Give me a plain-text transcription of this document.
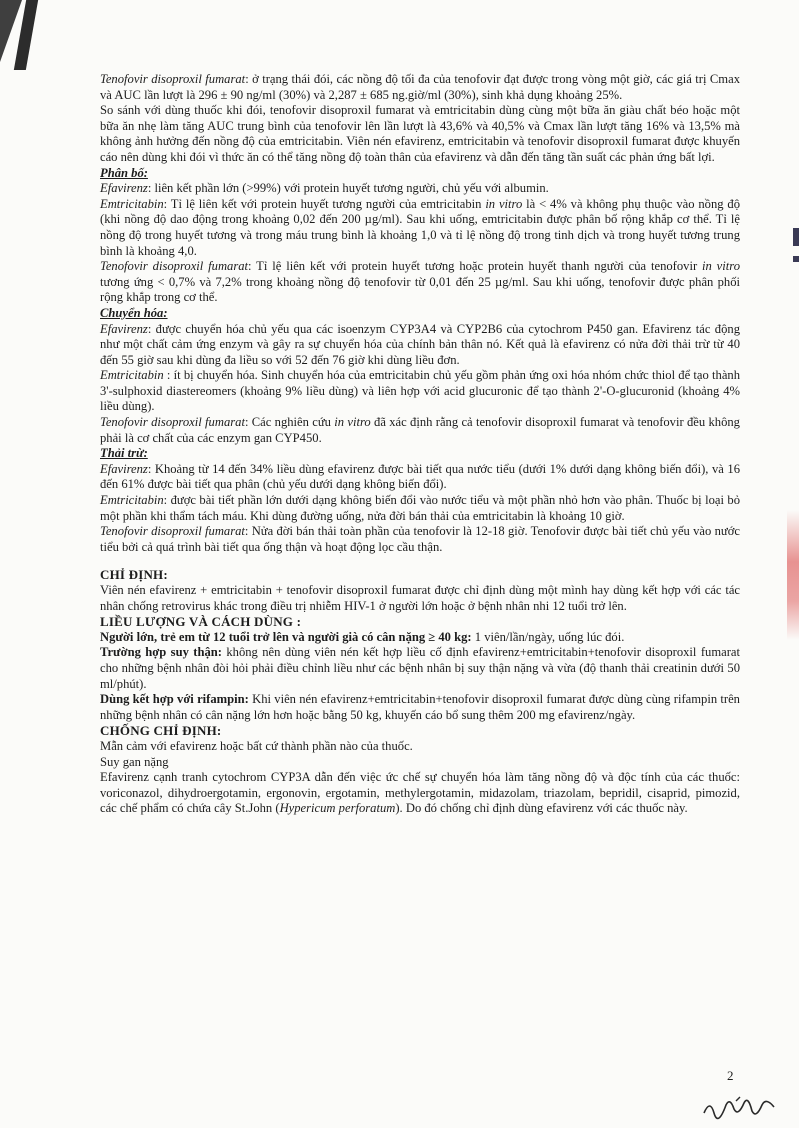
Tenofovir disoproxil fumarat: ở trạng thái đói, các nồng độ tối đa của tenofovir đạt được trong vòng một giờ, các giá trị Cmax và AUC lần lượt là 296 ± 90 ng/ml (30%) và 2,287 ± 685 ng.giờ/ml (30%), sinh khả dụng khoảng 25%.

So sánh với dùng thuốc khi đói, tenofovir disoproxil fumarat và emtricitabin dùng cùng một bữa ăn giàu chất béo hoặc một bữa ăn nhẹ làm tăng AUC trung bình của tenofovir lên lần lượt là 43,6% và 40,5% và Cmax lần lượt tăng 16% và 13,5% mà không ảnh hưởng đến nồng độ của emtricitabin. Viên nén efavirenz, emtricitabin và tenofovir disoproxil fumarat được khuyến cáo nên dùng khi đói vì thức ăn có thể tăng nồng độ toàn thân của efavirenz và dẫn đến tăng tần suất các phản ứng bất lợi.

Phân bố:

Efavirenz: liên kết phần lớn (>99%) với protein huyết tương người, chủ yếu với albumin.

Emtricitabin: Tỉ lệ liên kết với protein huyết tương người của emtricitabin in vitro là < 4% và không phụ thuộc vào nồng độ (khi nồng độ dao động trong khoảng 0,02 đến 200 µg/ml). Sau khi uống, emtricitabin được phân bố rộng khắp cơ thể. Tỉ lệ nồng độ trong huyết tương và trong máu trung bình là khoảng 1,0 và tỉ lệ nồng độ trong tinh dịch và trong huyết tương trung bình là khoảng 4,0.

Tenofovir disoproxil fumarat: Tỉ lệ liên kết với protein huyết tương hoặc protein huyết thanh người của tenofovir in vitro tương ứng < 0,7% và 7,2% trong khoảng nồng độ tenofovir từ 0,01 đến 25 µg/ml. Sau khi uống, tenofovir được phân phối rộng khắp trong cơ thể.

Chuyển hóa:

Efavirenz: được chuyển hóa chủ yếu qua các isoenzym CYP3A4 và CYP2B6 của cytochrom P450 gan. Efavirenz tác động như một chất cảm ứng enzym và gây ra sự chuyển hóa của chính bản thân nó. Kết quả là efavirenz có nửa đời thải trừ từ 40 đến 55 giờ sau khi dùng đa liều so với 52 đến 76 giờ khi dùng liều đơn.

Emtricitabin : ít bị chuyển hóa. Sinh chuyển hóa của emtricitabin chủ yếu gồm phản ứng oxi hóa nhóm chức thiol để tạo thành 3'-sulphoxid diastereomers (khoảng 9% liều dùng) và liên hợp với acid glucuronic để tạo thành 2'-O-glucuronid (khoảng 4% liều dùng).

Tenofovir disoproxil fumarat: Các nghiên cứu in vitro đã xác định rằng cả tenofovir disoproxil fumarat và tenofovir đều không phải là cơ chất của các enzym gan CYP450.

Thải trừ:

Efavirenz: Khoảng từ 14 đến 34% liều dùng efavirenz được bài tiết qua nước tiểu (dưới 1% dưới dạng không biến đổi), và 16 đến 61% được bài tiết qua phân (chủ yếu dưới dạng không biến đổi).

Emtricitabin: được bài tiết phần lớn dưới dạng không biến đổi vào nước tiểu và một phần nhỏ hơn vào phân. Thuốc bị loại bỏ một phần khi thẩm tách máu. Khi dùng đường uống, nửa đời bán thải của emtricitabin là khoảng 10 giờ.

Tenofovir disoproxil fumarat: Nửa đời bán thải toàn phần của tenofovir là 12-18 giờ. Tenofovir được bài tiết chủ yếu vào nước tiểu bởi cả quá trình bài tiết qua ống thận và hoạt động lọc cầu thận.

CHỈ ĐỊNH:

Viên nén efavirenz + emtricitabin + tenofovir disoproxil fumarat được chỉ định dùng một mình hay dùng kết hợp với các tác nhân chống retrovirus khác trong điều trị nhiễm HIV-1 ở người lớn hoặc ở bệnh nhân nhi 12 tuổi trở lên.

LIỀU LƯỢNG VÀ CÁCH DÙNG :

Người lớn, trẻ em từ 12 tuổi trở lên và người già có cân nặng ≥ 40 kg: 1 viên/lần/ngày, uống lúc đói.

Trường hợp suy thận: không nên dùng viên nén kết hợp liều cố định efavirenz+emtricitabin+tenofovir disoproxil fumarat cho những bệnh nhân đòi hỏi phải điều chỉnh liều như các bệnh nhân bị suy thận nặng và vừa (độ thanh thải creatinin dưới 50 ml/phút).

Dùng kết hợp với rifampin: Khi viên nén efavirenz+emtricitabin+tenofovir disoproxil fumarat được dùng cùng rifampin trên những bệnh nhân có cân nặng lớn hơn hoặc bằng 50 kg, khuyến cáo bổ sung thêm 200 mg efavirenz/ngày.

CHỐNG CHỈ ĐỊNH:

Mẫn cảm với efavirenz hoặc bất cứ thành phần nào của thuốc.

Suy gan nặng

Efavirenz cạnh tranh cytochrom CYP3A dẫn đến việc ức chế sự chuyển hóa làm tăng nồng độ và độc tính của các thuốc: voriconazol, dihydroergotamin, ergonovin, ergotamin, methylergotamin, midazolam, triazolam, bepridil, cisaprid, pimozid, các chế phẩm có chứa cây St.John (Hypericum perforatum). Do đó chống chỉ định dùng efavirenz với các thuốc này.

2
